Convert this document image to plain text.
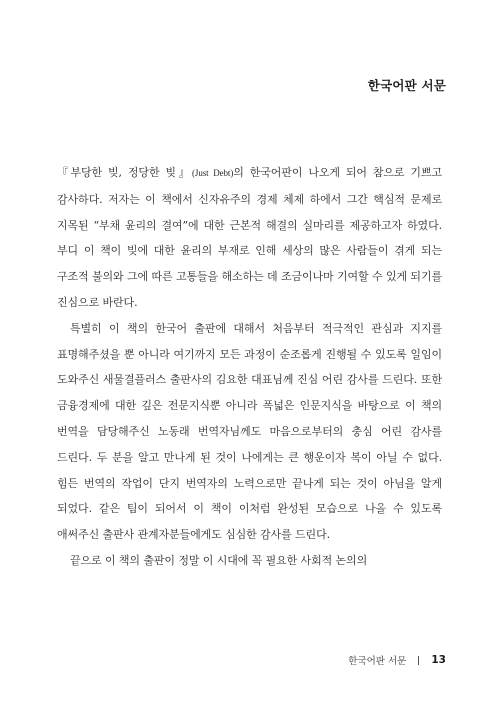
한국어판 서문

『부당한 빚, 정당한 빚』(Just Debt)의 한국어판이 나오게 되어 참으로 기쁘고 감사하다. 저자는 이 책에서 신자유주의 경제 체제 하에서 그간 핵심적 문제로 지목된 “부채 윤리의 결여”에 대한 근본적 해결의 실마리를 제공하고자 하였다. 부디 이 책이 빚에 대한 윤리의 부재로 인해 세상의 많은 사람들이 겪게 되는 구조적 불의와 그에 따른 고통들을 해소하는 데 조금이나마 기여할 수 있게 되기를 진심으로 바란다.

특별히 이 책의 한국어 출판에 대해서 처음부터 적극적인 관심과 지지를 표명해주셨을 뿐 아니라 여기까지 모든 과정이 순조롭게 진행될 수 있도록 일임이 도와주신 새물결플러스 출판사의 김요한 대표님께 진심 어린 감사를 드린다. 또한 금융경제에 대한 깊은 전문지식뿐 아니라 폭넓은 인문지식을 바탕으로 이 책의 번역을 담당해주신 노동래 번역자님께도 마음으로부터의 충심 어린 감사를 드린다. 두 분을 알고 만나게 된 것이 나에게는 큰 행운이자 복이 아닐 수 없다. 힘든 번역의 작업이 단지 번역자의 노력으로만 끝나게 되는 것이 아님을 알게 되었다. 같은 팀이 되어서 이 책이 이처럼 완성된 모습으로 나올 수 있도록 애써주신 출판사 관계자분들에게도 심심한 감사를 드린다.

끝으로 이 책의 출판이 정말 이 시대에 꼭 필요한 사회적 논의의

한국어판 서문 13
